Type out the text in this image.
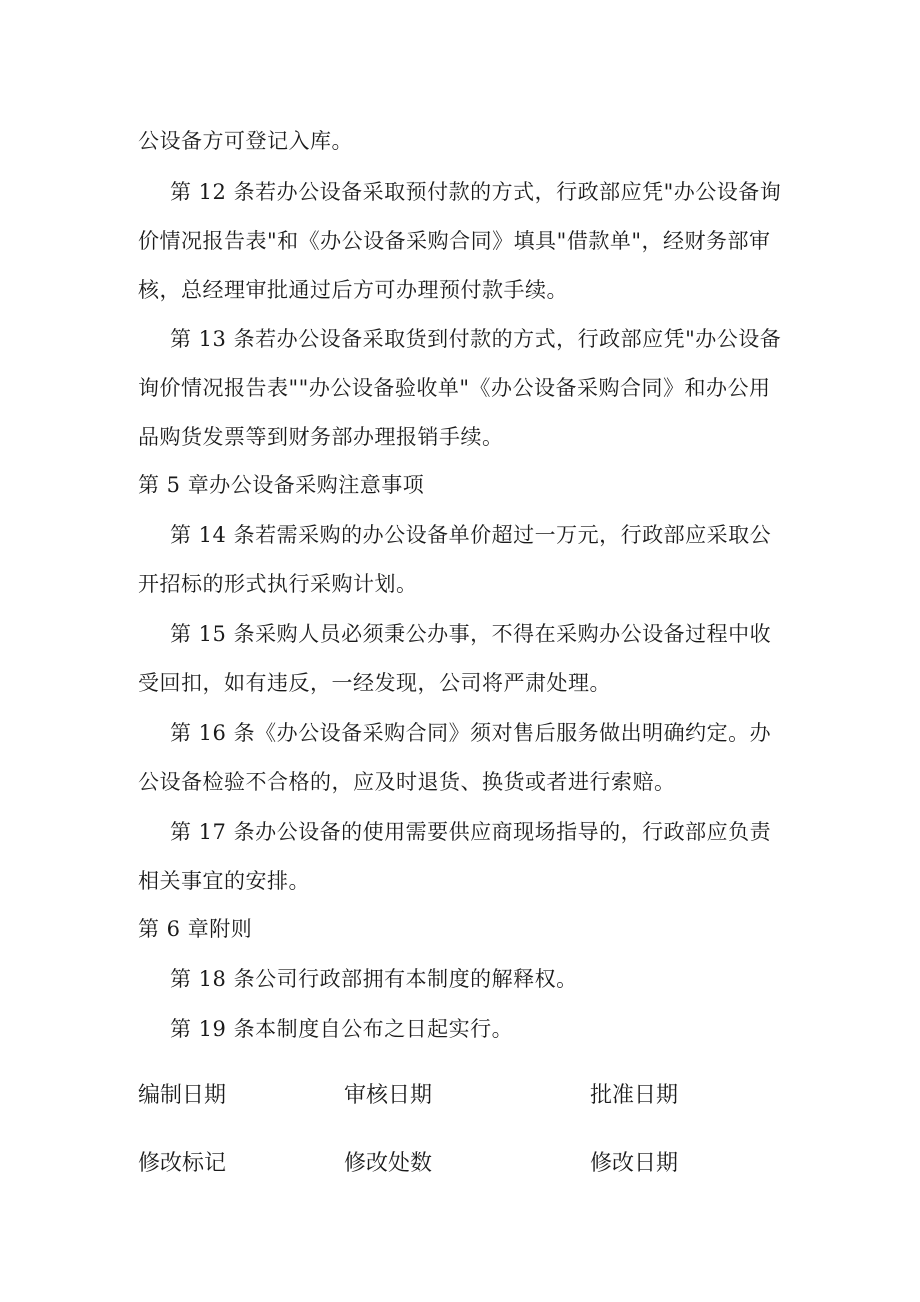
公设备方可登记入库。
第 12 条若办公设备采取预付款的方式，行政部应凭"办公设备询
价情况报告表"和《办公设备采购合同》填具"借款单"，经财务部审
核，总经理审批通过后方可办理预付款手续。
第 13 条若办公设备采取货到付款的方式，行政部应凭"办公设备
询价情况报告表""办公设备验收单"《办公设备采购合同》和办公用
品购货发票等到财务部办理报销手续。
第 5 章办公设备采购注意事项
第 14 条若需采购的办公设备单价超过一万元，行政部应采取公
开招标的形式执行采购计划。
第 15 条采购人员必须秉公办事，不得在采购办公设备过程中收
受回扣，如有违反，一经发现，公司将严肃处理。
第 16 条《办公设备采购合同》须对售后服务做出明确约定。办
公设备检验不合格的，应及时退货、换货或者进行索赔。
第 17 条办公设备的使用需要供应商现场指导的，行政部应负责
相关事宜的安排。
第 6 章附则
第 18 条公司行政部拥有本制度的解释权。
第 19 条本制度自公布之日起实行。
编制日期	审核日期	批准日期
修改标记	修改处数	修改日期
